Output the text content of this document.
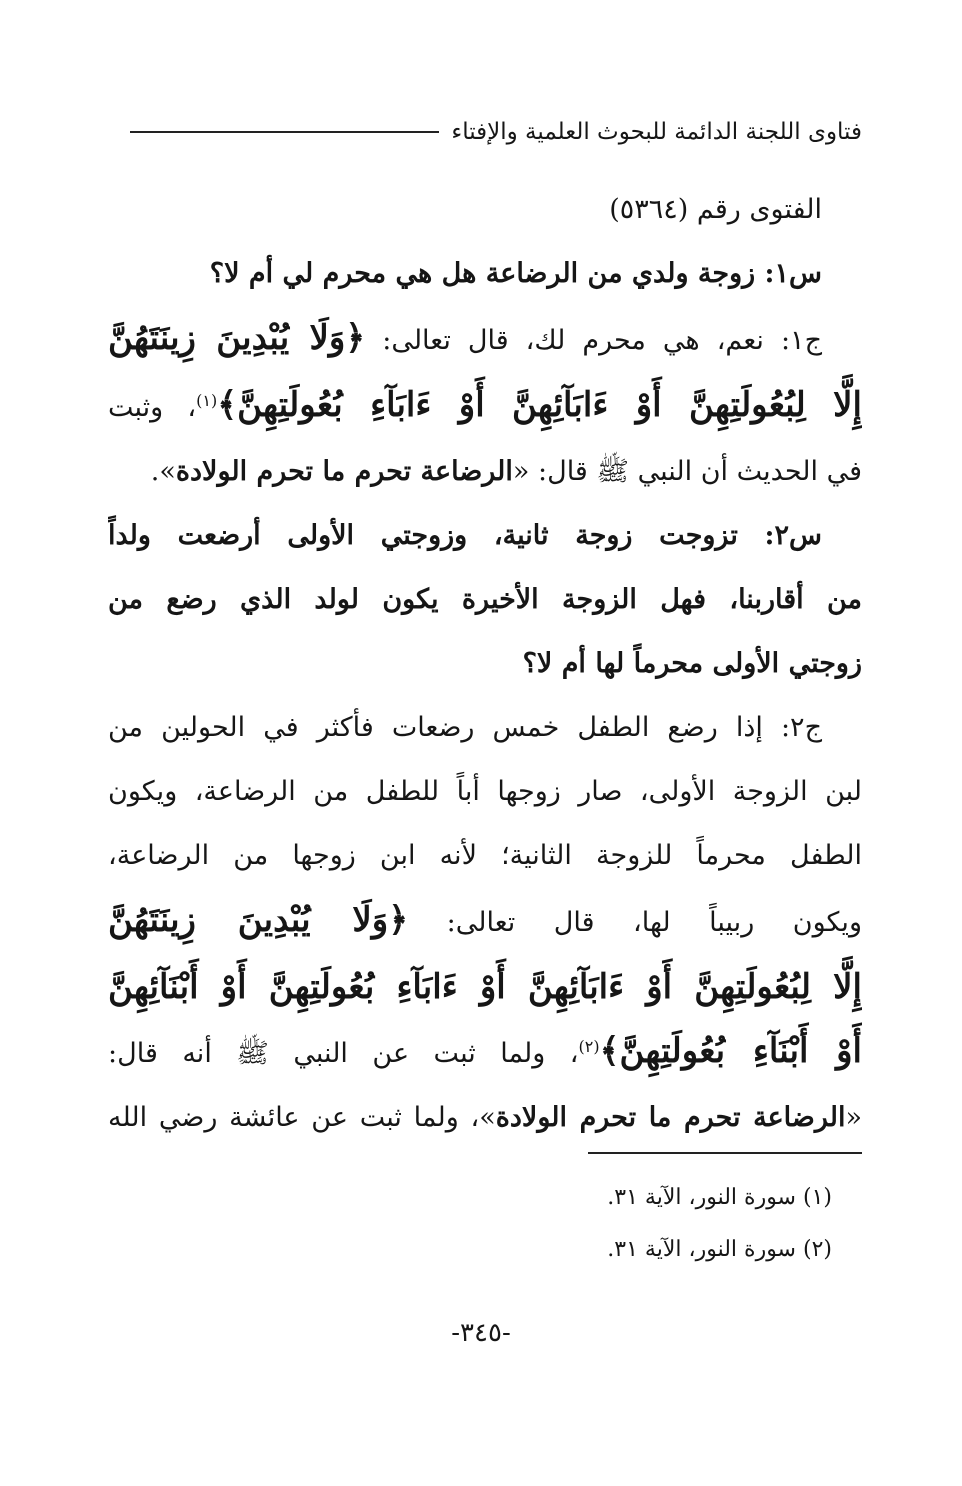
فتاوى اللجنة الدائمة للبحوث العلمية والإفتاء
الفتوى رقم (٥٣٦٤)
س١: زوجة ولدي من الرضاعة هل هي محرم لي أم لا؟
ج١: نعم، هي محرم لك، قال تعالى: ﴿وَلَا يُبْدِينَ زِينَتَهُنَّ
إِلَّا لِبُعُولَتِهِنَّ أَوْ ءَابَآئِهِنَّ أَوْ ءَابَآءِ بُعُولَتِهِنَّ﴾$^{(١)}$، وثبت
في الحديث أن النبي ﷺ قال: «الرضاعة تحرم ما تحرم الولادة».
س٢: تزوجت زوجة ثانية، وزوجتي الأولى أرضعت ولداً
من أقاربنا، فهل الزوجة الأخيرة يكون لولد الذي رضع من
زوجتي الأولى محرماً لها أم لا؟
ج٢: إذا رضع الطفل خمس رضعات فأكثر في الحولين من
لبن الزوجة الأولى، صار زوجها أباً للطفل من الرضاعة، ويكون
الطفل محرماً للزوجة الثانية؛ لأنه ابن زوجها من الرضاعة،
ويكون ربيباً لها، قال تعالى: ﴿وَلَا يُبْدِينَ زِينَتَهُنَّ
إِلَّا لِبُعُولَتِهِنَّ أَوْ ءَابَآئِهِنَّ أَوْ ءَابَآءِ بُعُولَتِهِنَّ أَوْ أَبْنَآئِهِنَّ
أَوْ أَبْنَآءِ بُعُولَتِهِنَّ﴾$^{(٢)}$، ولما ثبت عن النبي ﷺ أنه قال:
«الرضاعة تحرم ما تحرم الولادة»، ولما ثبت عن عائشة رضي الله
(١) سورة النور، الآية ٣١.
(٢) سورة النور، الآية ٣١.
-٣٤٥-
